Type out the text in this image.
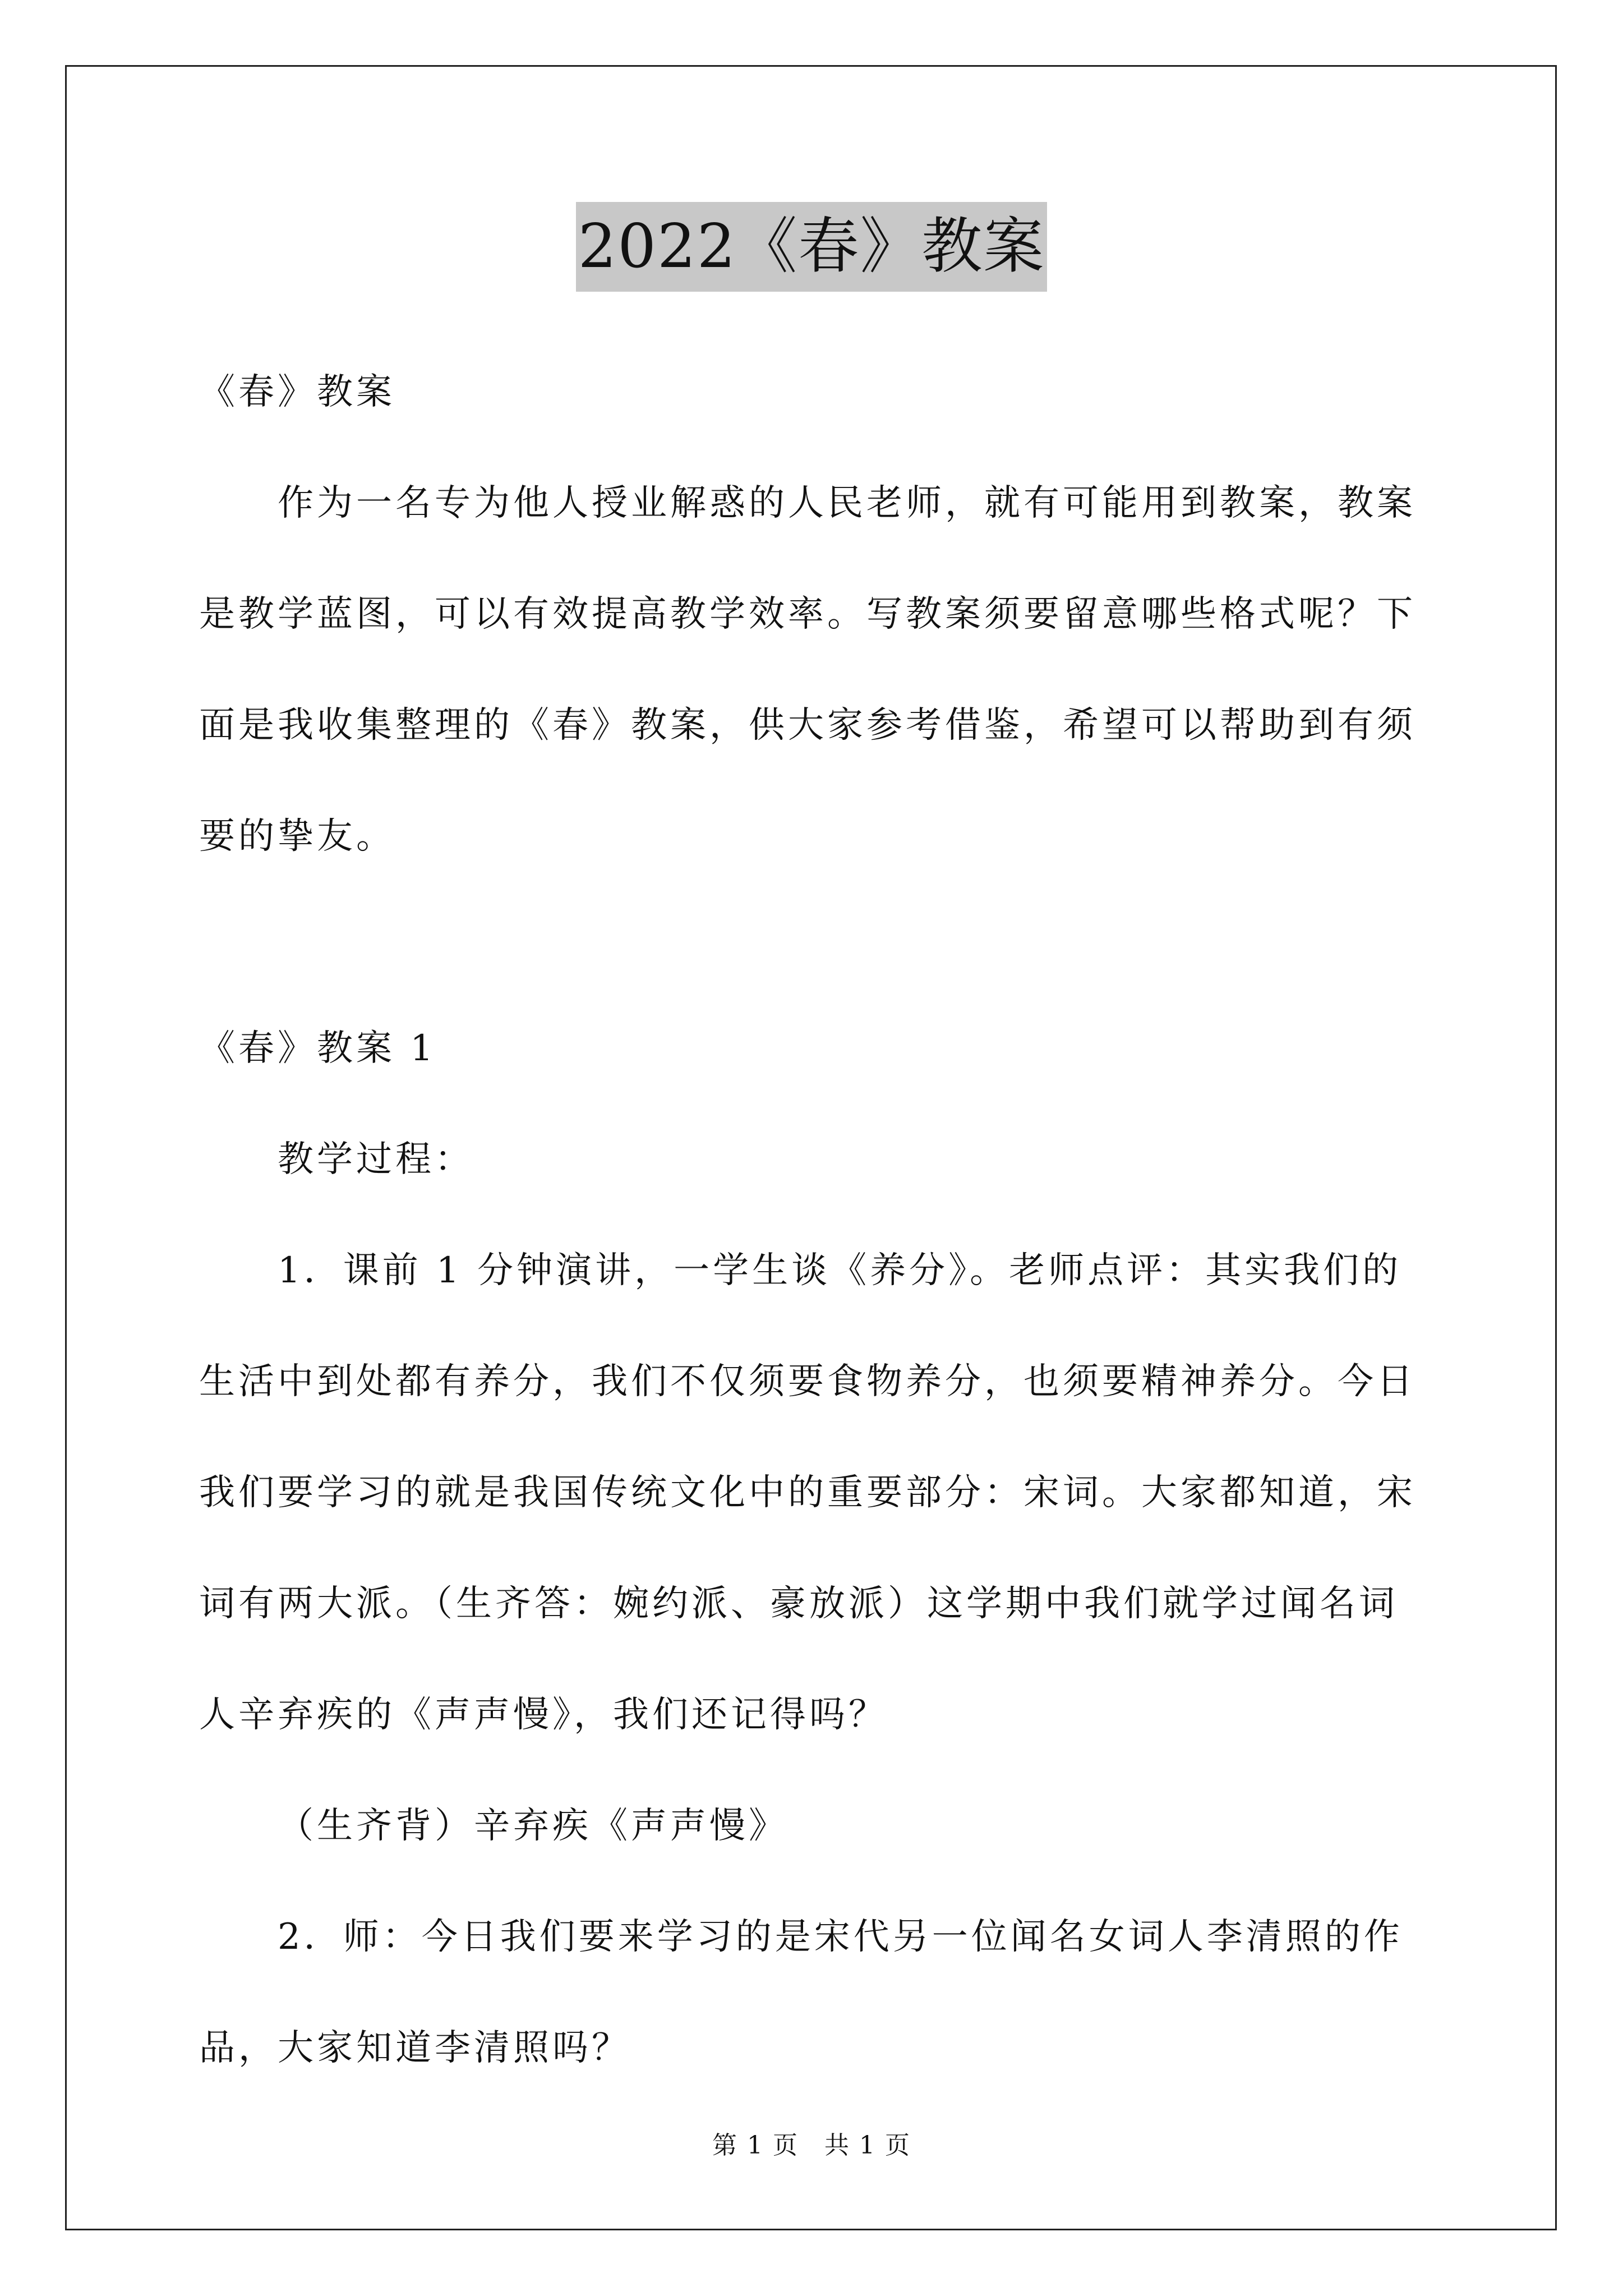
2022《春》教案

《春》教案

作为一名专为他人授业解惑的人民老师，就有可能用到教案，教案是教学蓝图，可以有效提高教学效率。写教案须要留意哪些格式呢？下面是我收集整理的《春》教案，供大家参考借鉴，希望可以帮助到有须要的挚友。

《春》教案 1

教学过程：

1．课前 1 分钟演讲，一学生谈《养分》。老师点评：其实我们的生活中到处都有养分，我们不仅须要食物养分，也须要精神养分。今日我们要学习的就是我国传统文化中的重要部分：宋词。大家都知道，宋词有两大派。（生齐答：婉约派、豪放派）这学期中我们就学过闻名词人辛弃疾的《声声慢》，我们还记得吗？

（生齐背）辛弃疾《声声慢》

2．师：今日我们要来学习的是宋代另一位闻名女词人李清照的作品，大家知道李清照吗？

第 1 页　共 1 页
